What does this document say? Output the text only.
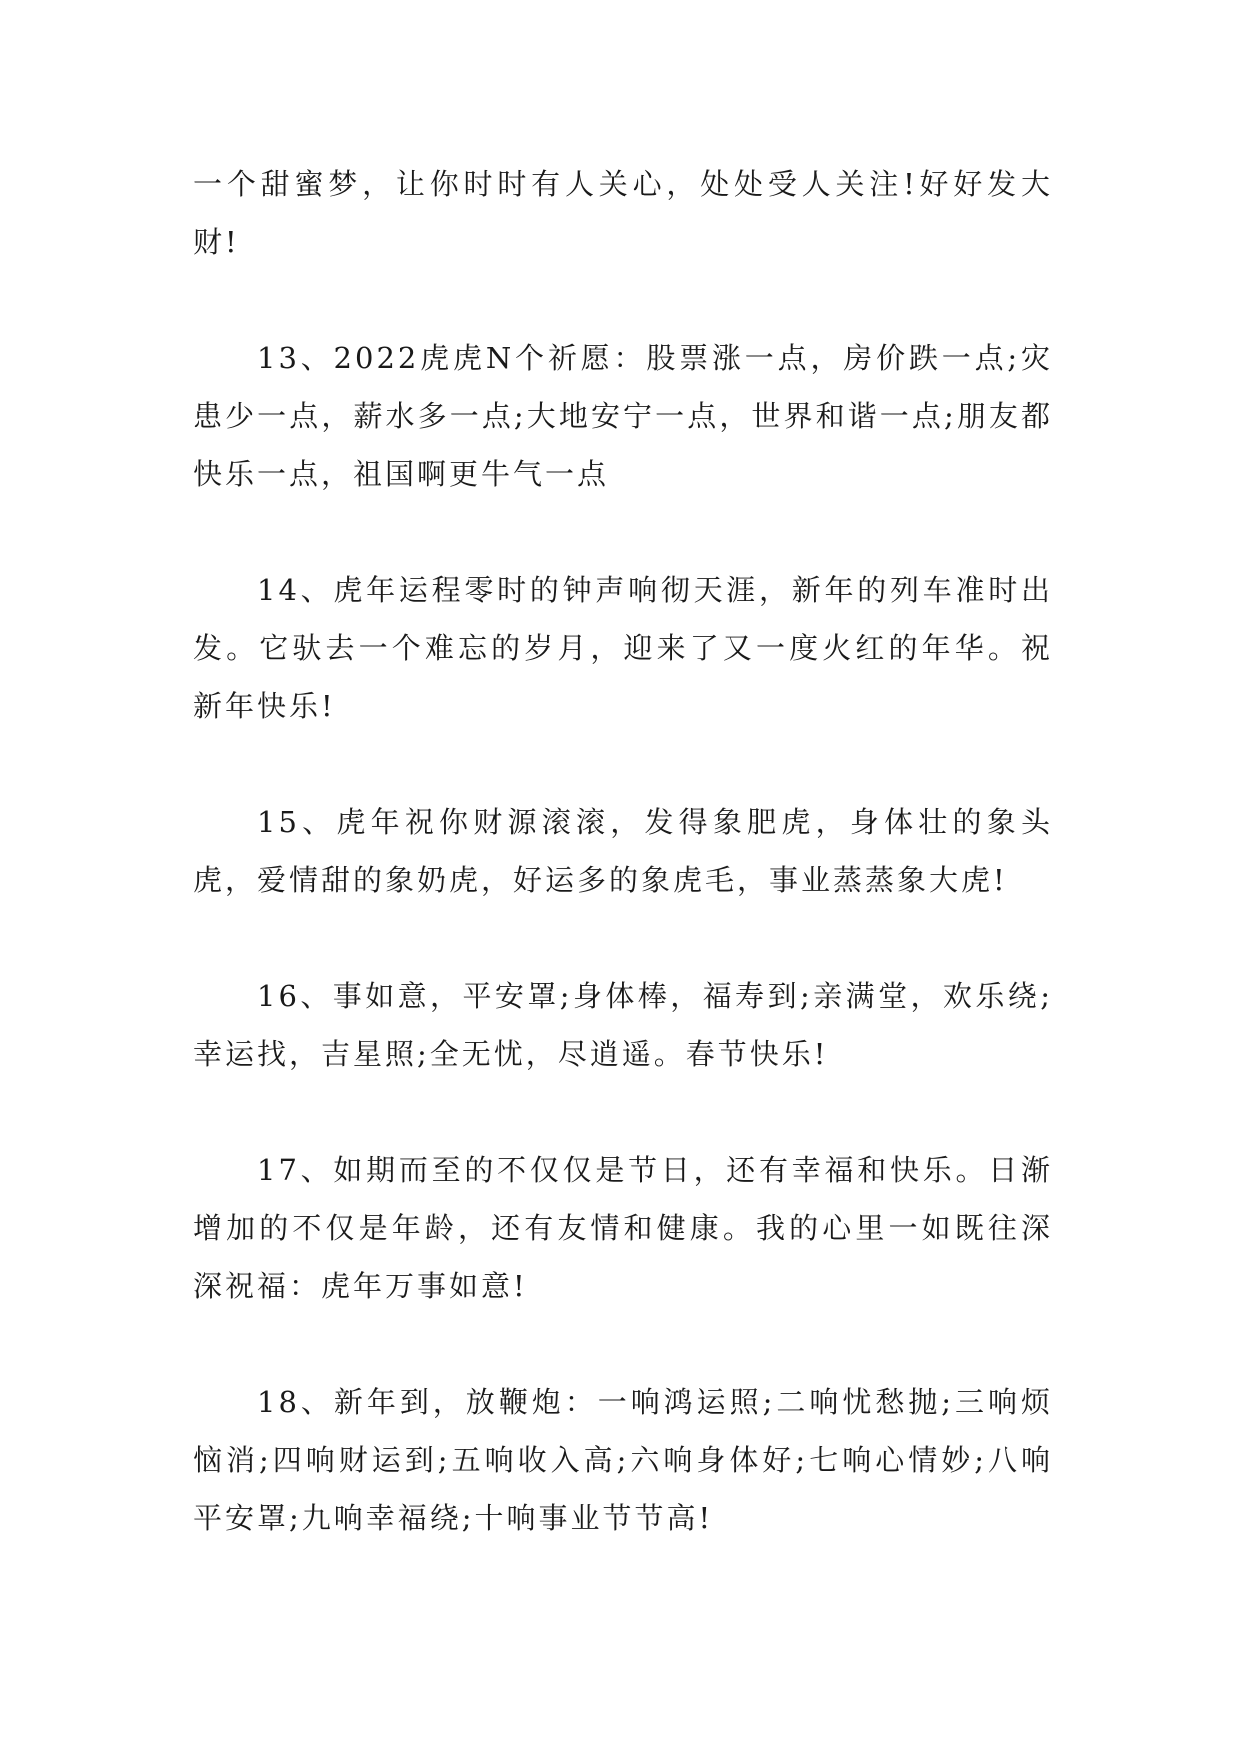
一个甜蜜梦，让你时时有人关心，处处受人关注!好好发大财!

13、2022虎虎N个祈愿：股票涨一点，房价跌一点;灾患少一点，薪水多一点;大地安宁一点，世界和谐一点;朋友都快乐一点，祖国啊更牛气一点

14、虎年运程零时的钟声响彻天涯，新年的列车准时出发。它驮去一个难忘的岁月，迎来了又一度火红的年华。祝新年快乐!

15、虎年祝你财源滚滚，发得象肥虎，身体壮的象头虎，爱情甜的象奶虎，好运多的象虎毛，事业蒸蒸象大虎!

16、事如意，平安罩;身体棒，福寿到;亲满堂，欢乐绕;幸运找，吉星照;全无忧，尽逍遥。春节快乐!

17、如期而至的不仅仅是节日，还有幸福和快乐。日渐增加的不仅是年龄，还有友情和健康。我的心里一如既往深深祝福：虎年万事如意!

18、新年到，放鞭炮：一响鸿运照;二响忧愁抛;三响烦恼消;四响财运到;五响收入高;六响身体好;七响心情妙;八响平安罩;九响幸福绕;十响事业节节高!
